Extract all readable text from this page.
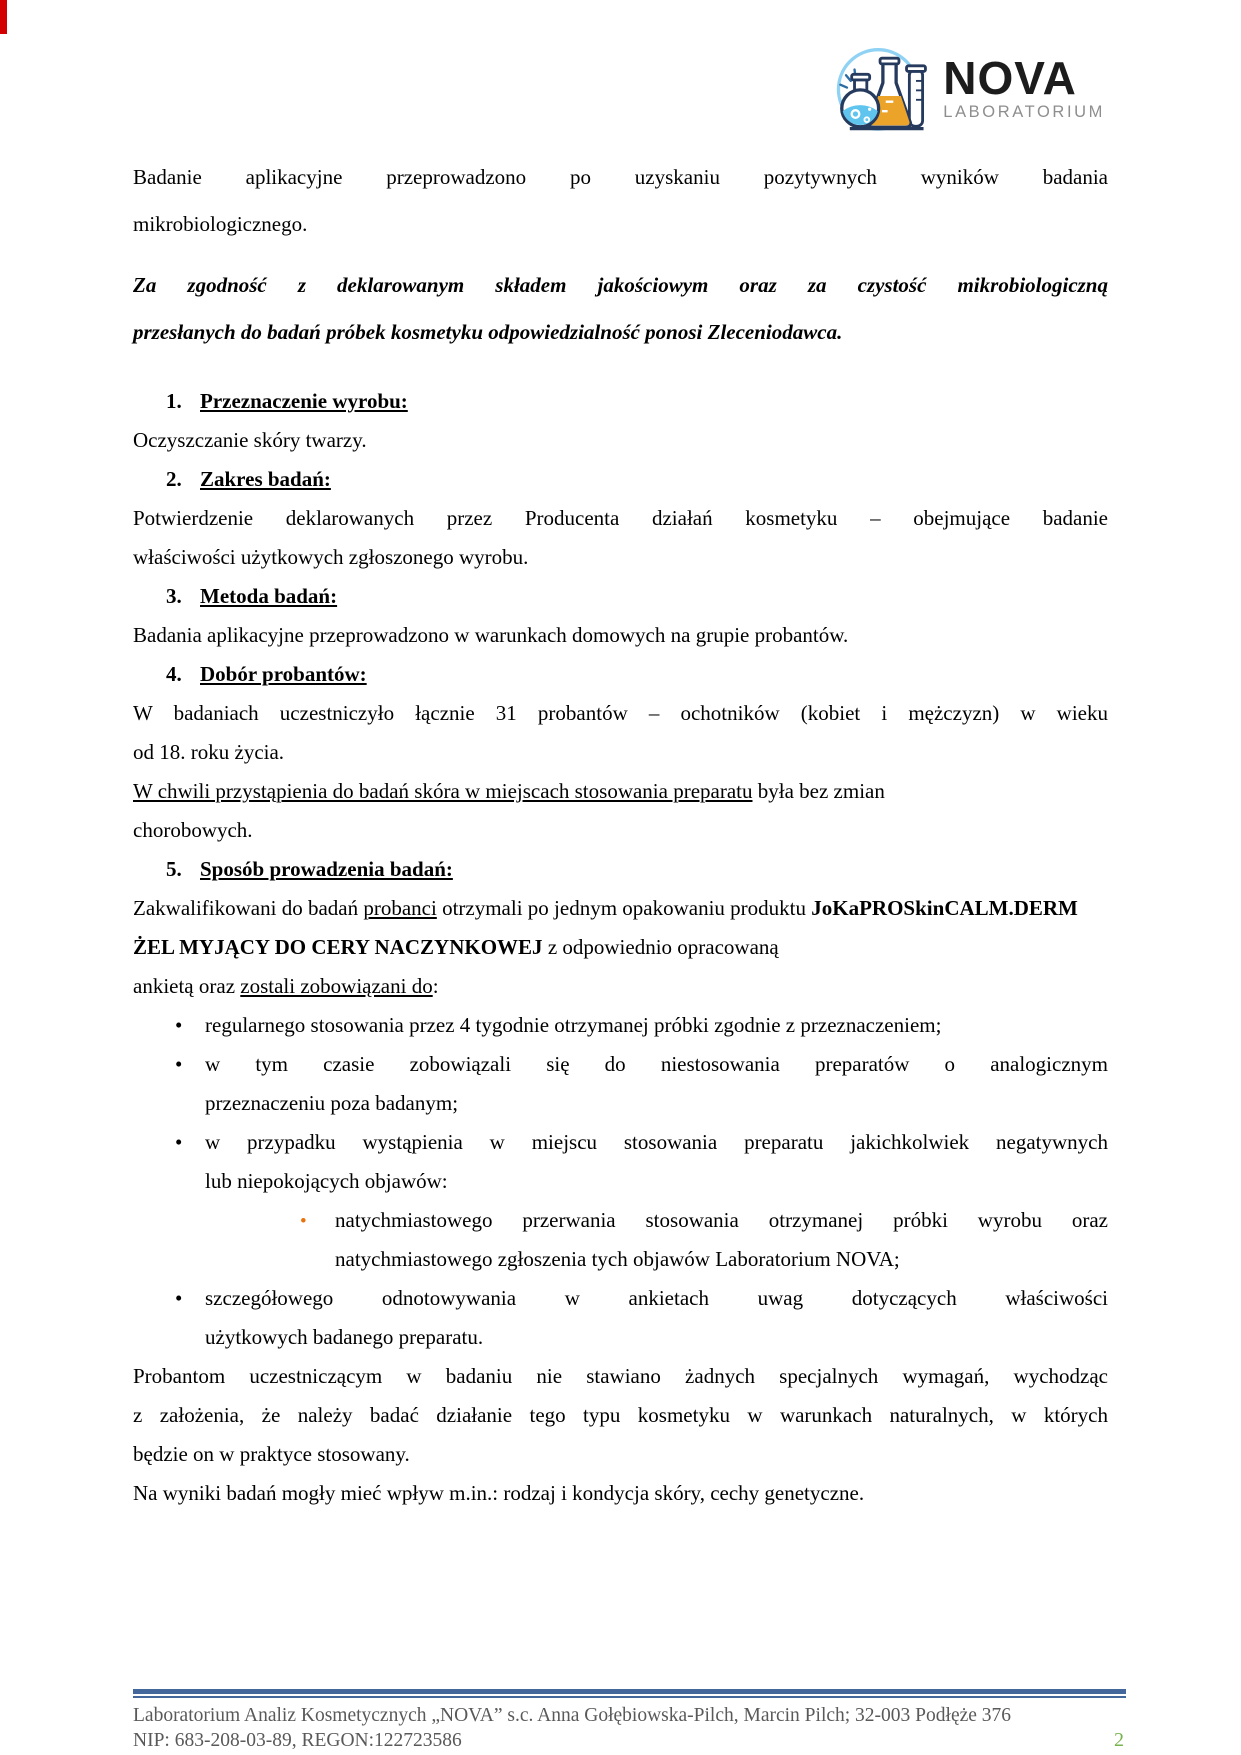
NOVA
LABORATORIUM

Badanie aplikacyjne przeprowadzono po uzyskaniu pozytywnych wyników badania
mikrobiologicznego.

Za zgodność z deklarowanym składem jakościowym oraz za czystość mikrobiologiczną
przesłanych do badań próbek kosmetyku odpowiedzialność ponosi Zleceniodawca.

1. Przeznaczenie wyrobu:

Oczyszczanie skóry twarzy.

2. Zakres badań:

Potwierdzenie deklarowanych przez Producenta działań kosmetyku – obejmujące badanie
właściwości użytkowych zgłoszonego wyrobu.

3. Metoda badań:

Badania aplikacyjne przeprowadzono w warunkach domowych na grupie probantów.

4. Dobór probantów:

W badaniach uczestniczyło łącznie 31 probantów – ochotników (kobiet i mężczyzn) w wieku
od 18. roku życia.

W chwili przystąpienia do badań skóra w miejscach stosowania preparatu była bez zmian
chorobowych.

5. Sposób prowadzenia badań:

Zakwalifikowani do badań probanci otrzymali po jednym opakowaniu produktu JoKaPROSkinCALM.DERM ŻEL MYJĄCY DO CERY NACZYNKOWEJ z odpowiednio opracowaną
ankietą oraz zostali zobowiązani do:

•
regularnego stosowania przez 4 tygodnie otrzymanej próbki zgodnie z przeznaczeniem;
•
w tym czasie zobowiązali się do niestosowania preparatów o analogicznym
przeznaczeniu poza badanym;
•
w przypadku wystąpienia w miejscu stosowania preparatu jakichkolwiek negatywnych
lub niepokojących objawów:
•
natychmiastowego przerwania stosowania otrzymanej próbki wyrobu oraz
natychmiastowego zgłoszenia tych objawów Laboratorium NOVA;
•
szczegółowego odnotowywania w ankietach uwag dotyczących właściwości
użytkowych badanego preparatu.

Probantom uczestniczącym w badaniu nie stawiano żadnych specjalnych wymagań, wychodząc
z założenia, że należy badać działanie tego typu kosmetyku w warunkach naturalnych, w których
będzie on w praktyce stosowany.

Na wyniki badań mogły mieć wpływ m.in.: rodzaj i kondycja skóry, cechy genetyczne.

Laboratorium Analiz Kosmetycznych „NOVA” s.c. Anna Gołębiowska-Pilch, Marcin Pilch; 32-003 Podłęże 376

NIP: 683-208-03-89, REGON:122723586	2
